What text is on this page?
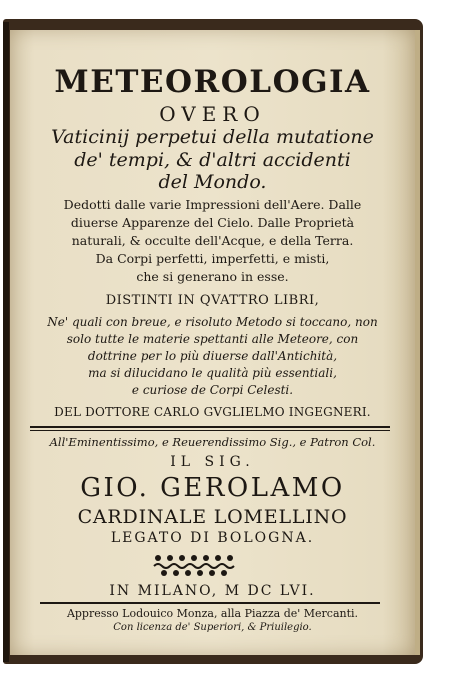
METEOROLOGIA
OVERO
Vaticinij perpetui della mutatione
de' tempi, & d'altri accidenti
del Mondo.
Dedotti dalle varie Impressioni dell'Aere. Dalle
diuerse Apparenze del Cielo. Dalle Proprietà
naturali, & occulte dell'Acque, e della Terra.
Da Corpi perfetti, imperfetti, e misti,
che si generano in esse.
DISTINTI IN QVATTRO LIBRI,
Ne' quali con breue, e risoluto Metodo si toccano, non
solo tutte le materie spettanti alle Meteore, con
dottrine per lo più diuerse dall'Antichità,
ma si dilucidano le qualità più essentiali,
e curiose de Corpi Celesti.
DEL DOTTORE CARLO GVGLIELMO INGEGNERI.
All'Eminentissimo, e Reuerendissimo Sig., e Patron Col.
IL SIG.
GIO. GEROLAMO
CARDINALE LOMELLINO
LEGATO DI BOLOGNA.
IN MILANO, M DC LVI.
Appresso Lodouico Monza, alla Piazza de' Mercanti.
Con licenza de' Superiori, & Priuilegio.
